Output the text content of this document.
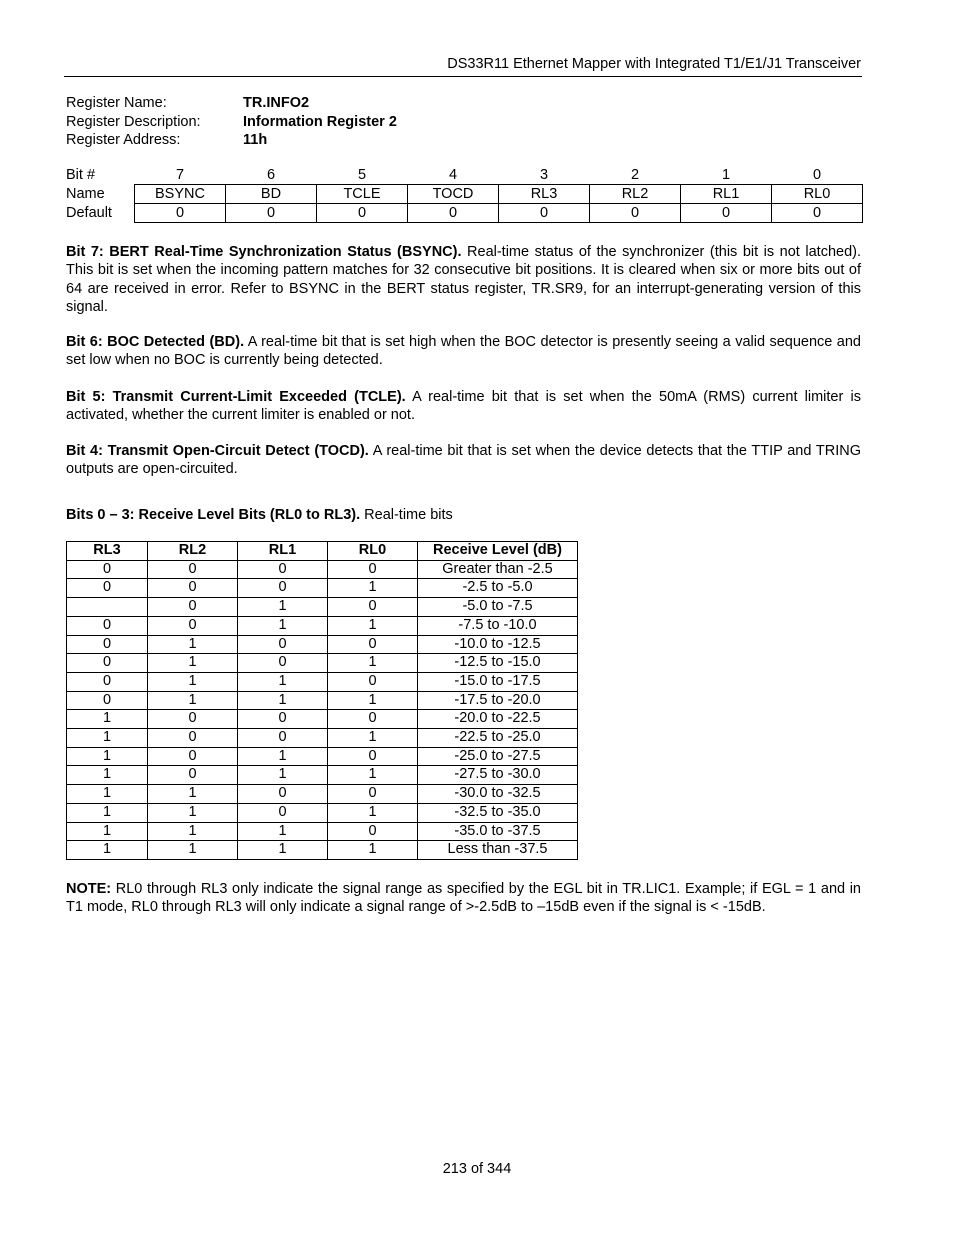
DS33R11 Ethernet Mapper with Integrated T1/E1/J1 Transceiver
Register Name:	TR.INFO2
Register Description:	Information Register 2
Register Address:	11h
Bit #	7	6	5	4	3	2	1	0
Name	BSYNC	BD	TCLE	TOCD	RL3	RL2	RL1	RL0
Default	0	0	0	0	0	0	0	0
Bit 7: BERT Real-Time Synchronization Status (BSYNC). Real-time status of the synchronizer (this bit is not latched). This bit is set when the incoming pattern matches for 32 consecutive bit positions. It is cleared when six or more bits out of 64 are received in error. Refer to BSYNC in the BERT status register, TR.SR9, for an interrupt-generating version of this signal.
Bit 6: BOC Detected (BD). A real-time bit that is set high when the BOC detector is presently seeing a valid sequence and set low when no BOC is currently being detected.
Bit 5: Transmit Current-Limit Exceeded (TCLE). A real-time bit that is set when the 50mA (RMS) current limiter is activated, whether the current limiter is enabled or not.
Bit 4: Transmit Open-Circuit Detect (TOCD). A real-time bit that is set when the device detects that the TTIP and TRING outputs are open-circuited.
Bits 0 – 3: Receive Level Bits (RL0 to RL3). Real-time bits
RL3	RL2	RL1	RL0	Receive Level (dB)
0	0	0	0	Greater than -2.5
0	0	0	1	-2.5 to -5.0
	0	1	0	-5.0 to -7.5
0	0	1	1	-7.5 to -10.0
0	1	0	0	-10.0 to -12.5
0	1	0	1	-12.5 to -15.0
0	1	1	0	-15.0 to -17.5
0	1	1	1	-17.5 to -20.0
1	0	0	0	-20.0 to -22.5
1	0	0	1	-22.5 to -25.0
1	0	1	0	-25.0 to -27.5
1	0	1	1	-27.5 to -30.0
1	1	0	0	-30.0 to -32.5
1	1	0	1	-32.5 to -35.0
1	1	1	0	-35.0 to -37.5
1	1	1	1	Less than -37.5
NOTE: RL0 through RL3 only indicate the signal range as specified by the EGL bit in TR.LIC1. Example; if EGL = 1 and in T1 mode, RL0 through RL3 will only indicate a signal range of >-2.5dB to –15dB even if the signal is < -15dB.
213 of 344
